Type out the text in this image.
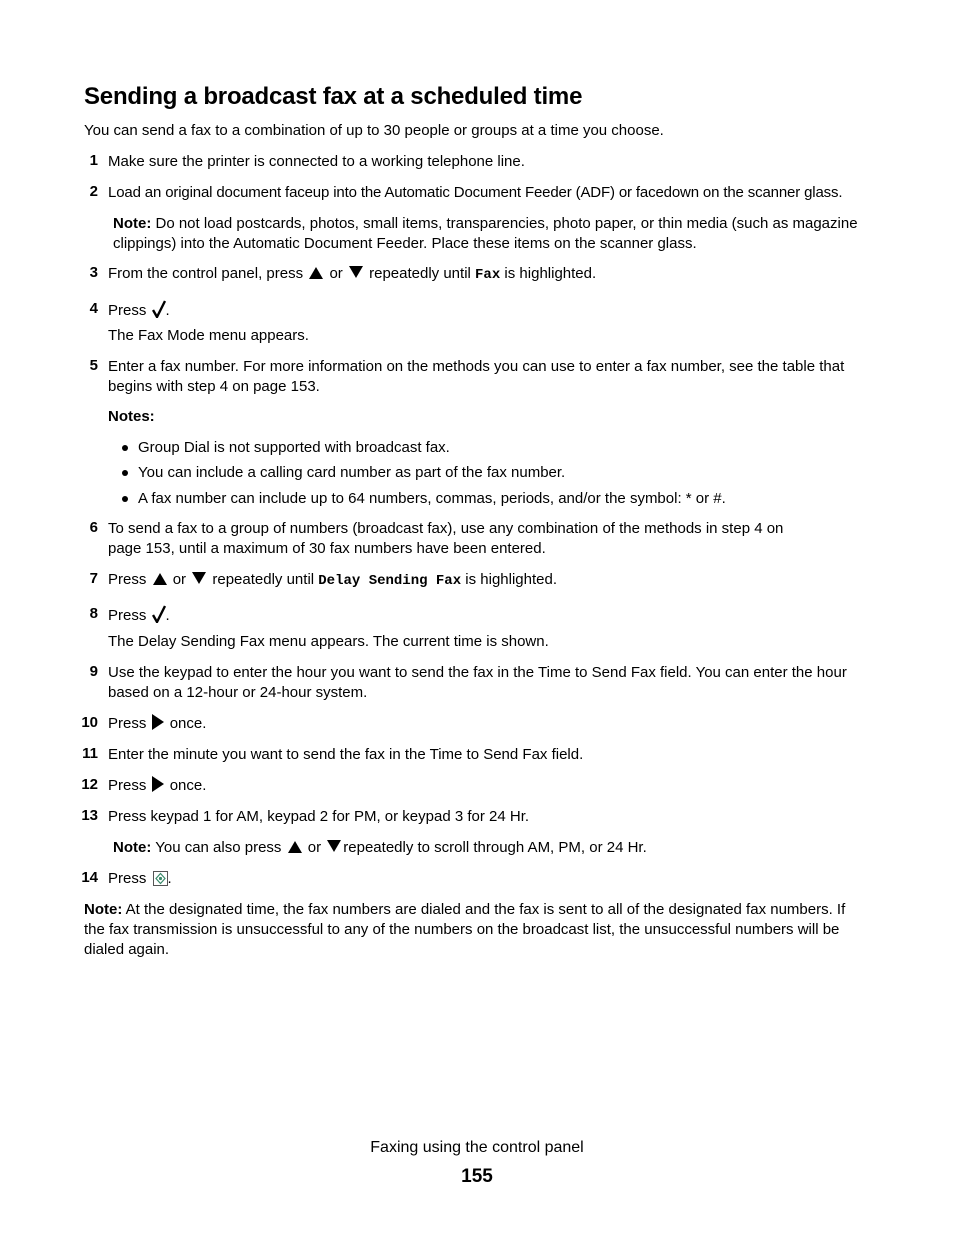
Sending a broadcast fax at a scheduled time
You can send a fax to a combination of up to 30 people or groups at a time you choose.
1 Make sure the printer is connected to a working telephone line.
2 Load an original document faceup into the Automatic Document Feeder (ADF) or facedown on the scanner glass.
Note: Do not load postcards, photos, small items, transparencies, photo paper, or thin media (such as magazine
clippings) into the Automatic Document Feeder. Place these items on the scanner glass.
3 From the control panel, press or repeatedly until Fax is highlighted.
4 Press .
The Fax Mode menu appears.
5 Enter a fax number. For more information on the methods you can use to enter a fax number, see the table that
begins with step 4 on page 153.
Notes:
Group Dial is not supported with broadcast fax.
You can include a calling card number as part of the fax number.
A fax number can include up to 64 numbers, commas, periods, and/or the symbol: * or #.
6 To send a fax to a group of numbers (broadcast fax), use any combination of the methods in step 4 on
page 153, until a maximum of 30 fax numbers have been entered.
7 Press or repeatedly until Delay Sending Fax is highlighted.
8 Press .
The Delay Sending Fax menu appears. The current time is shown.
9 Use the keypad to enter the hour you want to send the fax in the Time to Send Fax field. You can enter the hour
based on a 12-hour or 24-hour system.
10 Press once.
11 Enter the minute you want to send the fax in the Time to Send Fax field.
12 Press once.
13 Press keypad 1 for AM, keypad 2 for PM, or keypad 3 for 24 Hr.
Note: You can also press or repeatedly to scroll through AM, PM, or 24 Hr.
14 Press .
Note: At the designated time, the fax numbers are dialed and the fax is sent to all of the designated fax numbers. If
the fax transmission is unsuccessful to any of the numbers on the broadcast list, the unsuccessful numbers will be
dialed again.
Faxing using the control panel
155
